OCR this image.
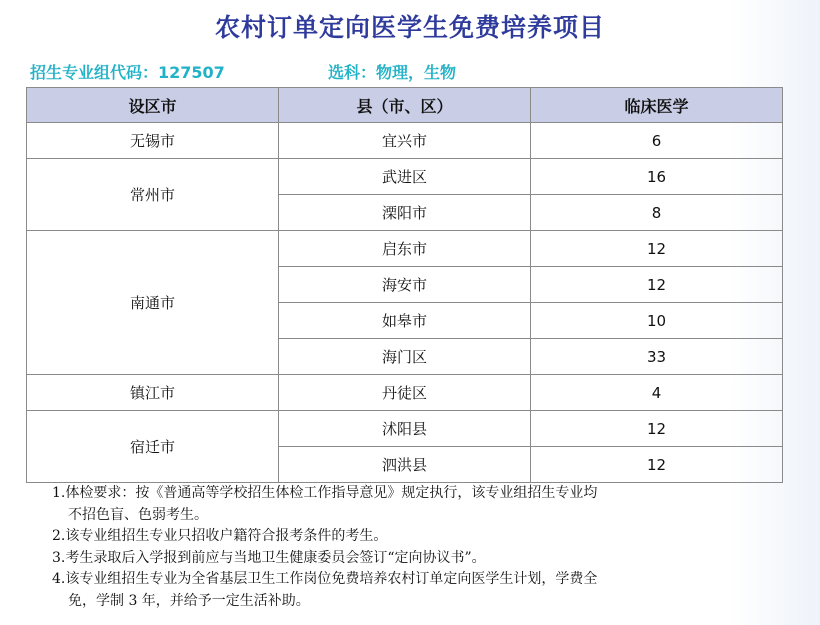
农村订单定向医学生免费培养项目
招生专业组代码：127507	选科：物理，生物
设区市	县（市、区）	临床医学
无锡市	宜兴市	6
常州市	武进区	16
	溧阳市	8
南通市	启东市	12
	海安市	12
	如皋市	10
	海门区	33
镇江市	丹徒区	4
宿迁市	沭阳县	12
	泗洪县	12

1.体检要求：按《普通高等学校招生体检工作指导意见》规定执行，该专业组招生专业均

不招色盲、色弱考生。

2.该专业组招生专业只招收户籍符合报考条件的考生。

3.考生录取后入学报到前应与当地卫生健康委员会签订“定向协议书”。

4.该专业组招生专业为全省基层卫生工作岗位免费培养农村订单定向医学生计划，学费全

免，学制 3 年，并给予一定生活补助。
